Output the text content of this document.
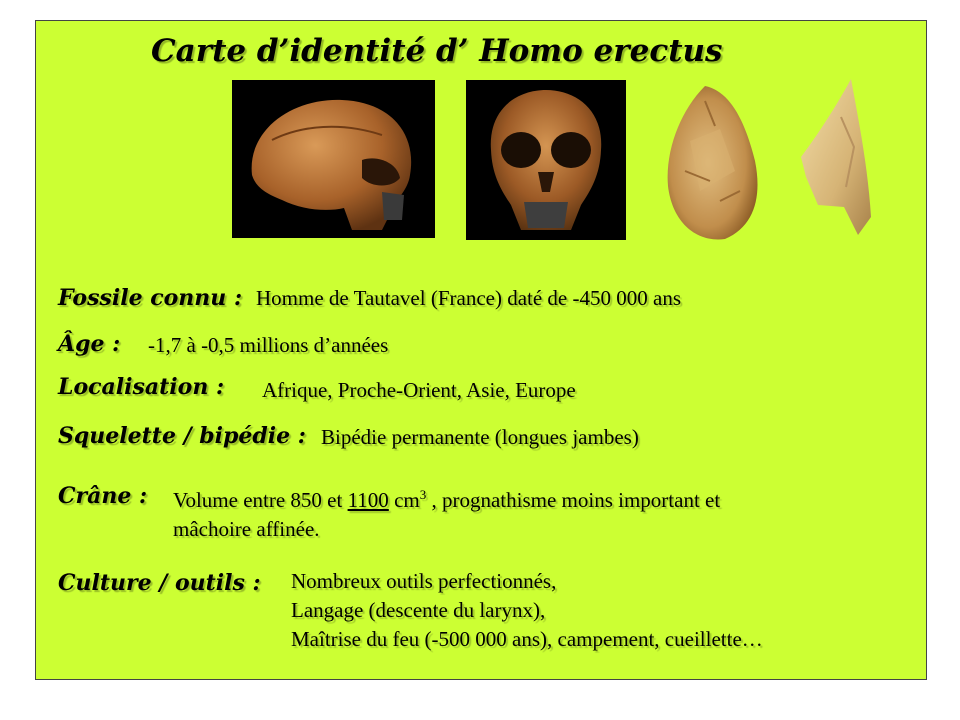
Carte d’identité d’ Homo erectus
Fossile connu : Homme de Tautavel (France) daté de -450 000 ans
Âge : -1,7 à -0,5 millions d’années
Localisation : Afrique, Proche-Orient, Asie, Europe
Squelette / bipédie : Bipédie permanente (longues jambes)
Crâne : Volume entre 850 et 1100 $cm^3$ , prognathisme moins important et
mâchoire affinée.
Culture / outils : Nombreux outils perfectionnés,
Langage (descente du larynx),
Maîtrise du feu (-500 000 ans), campement, cueillette…
